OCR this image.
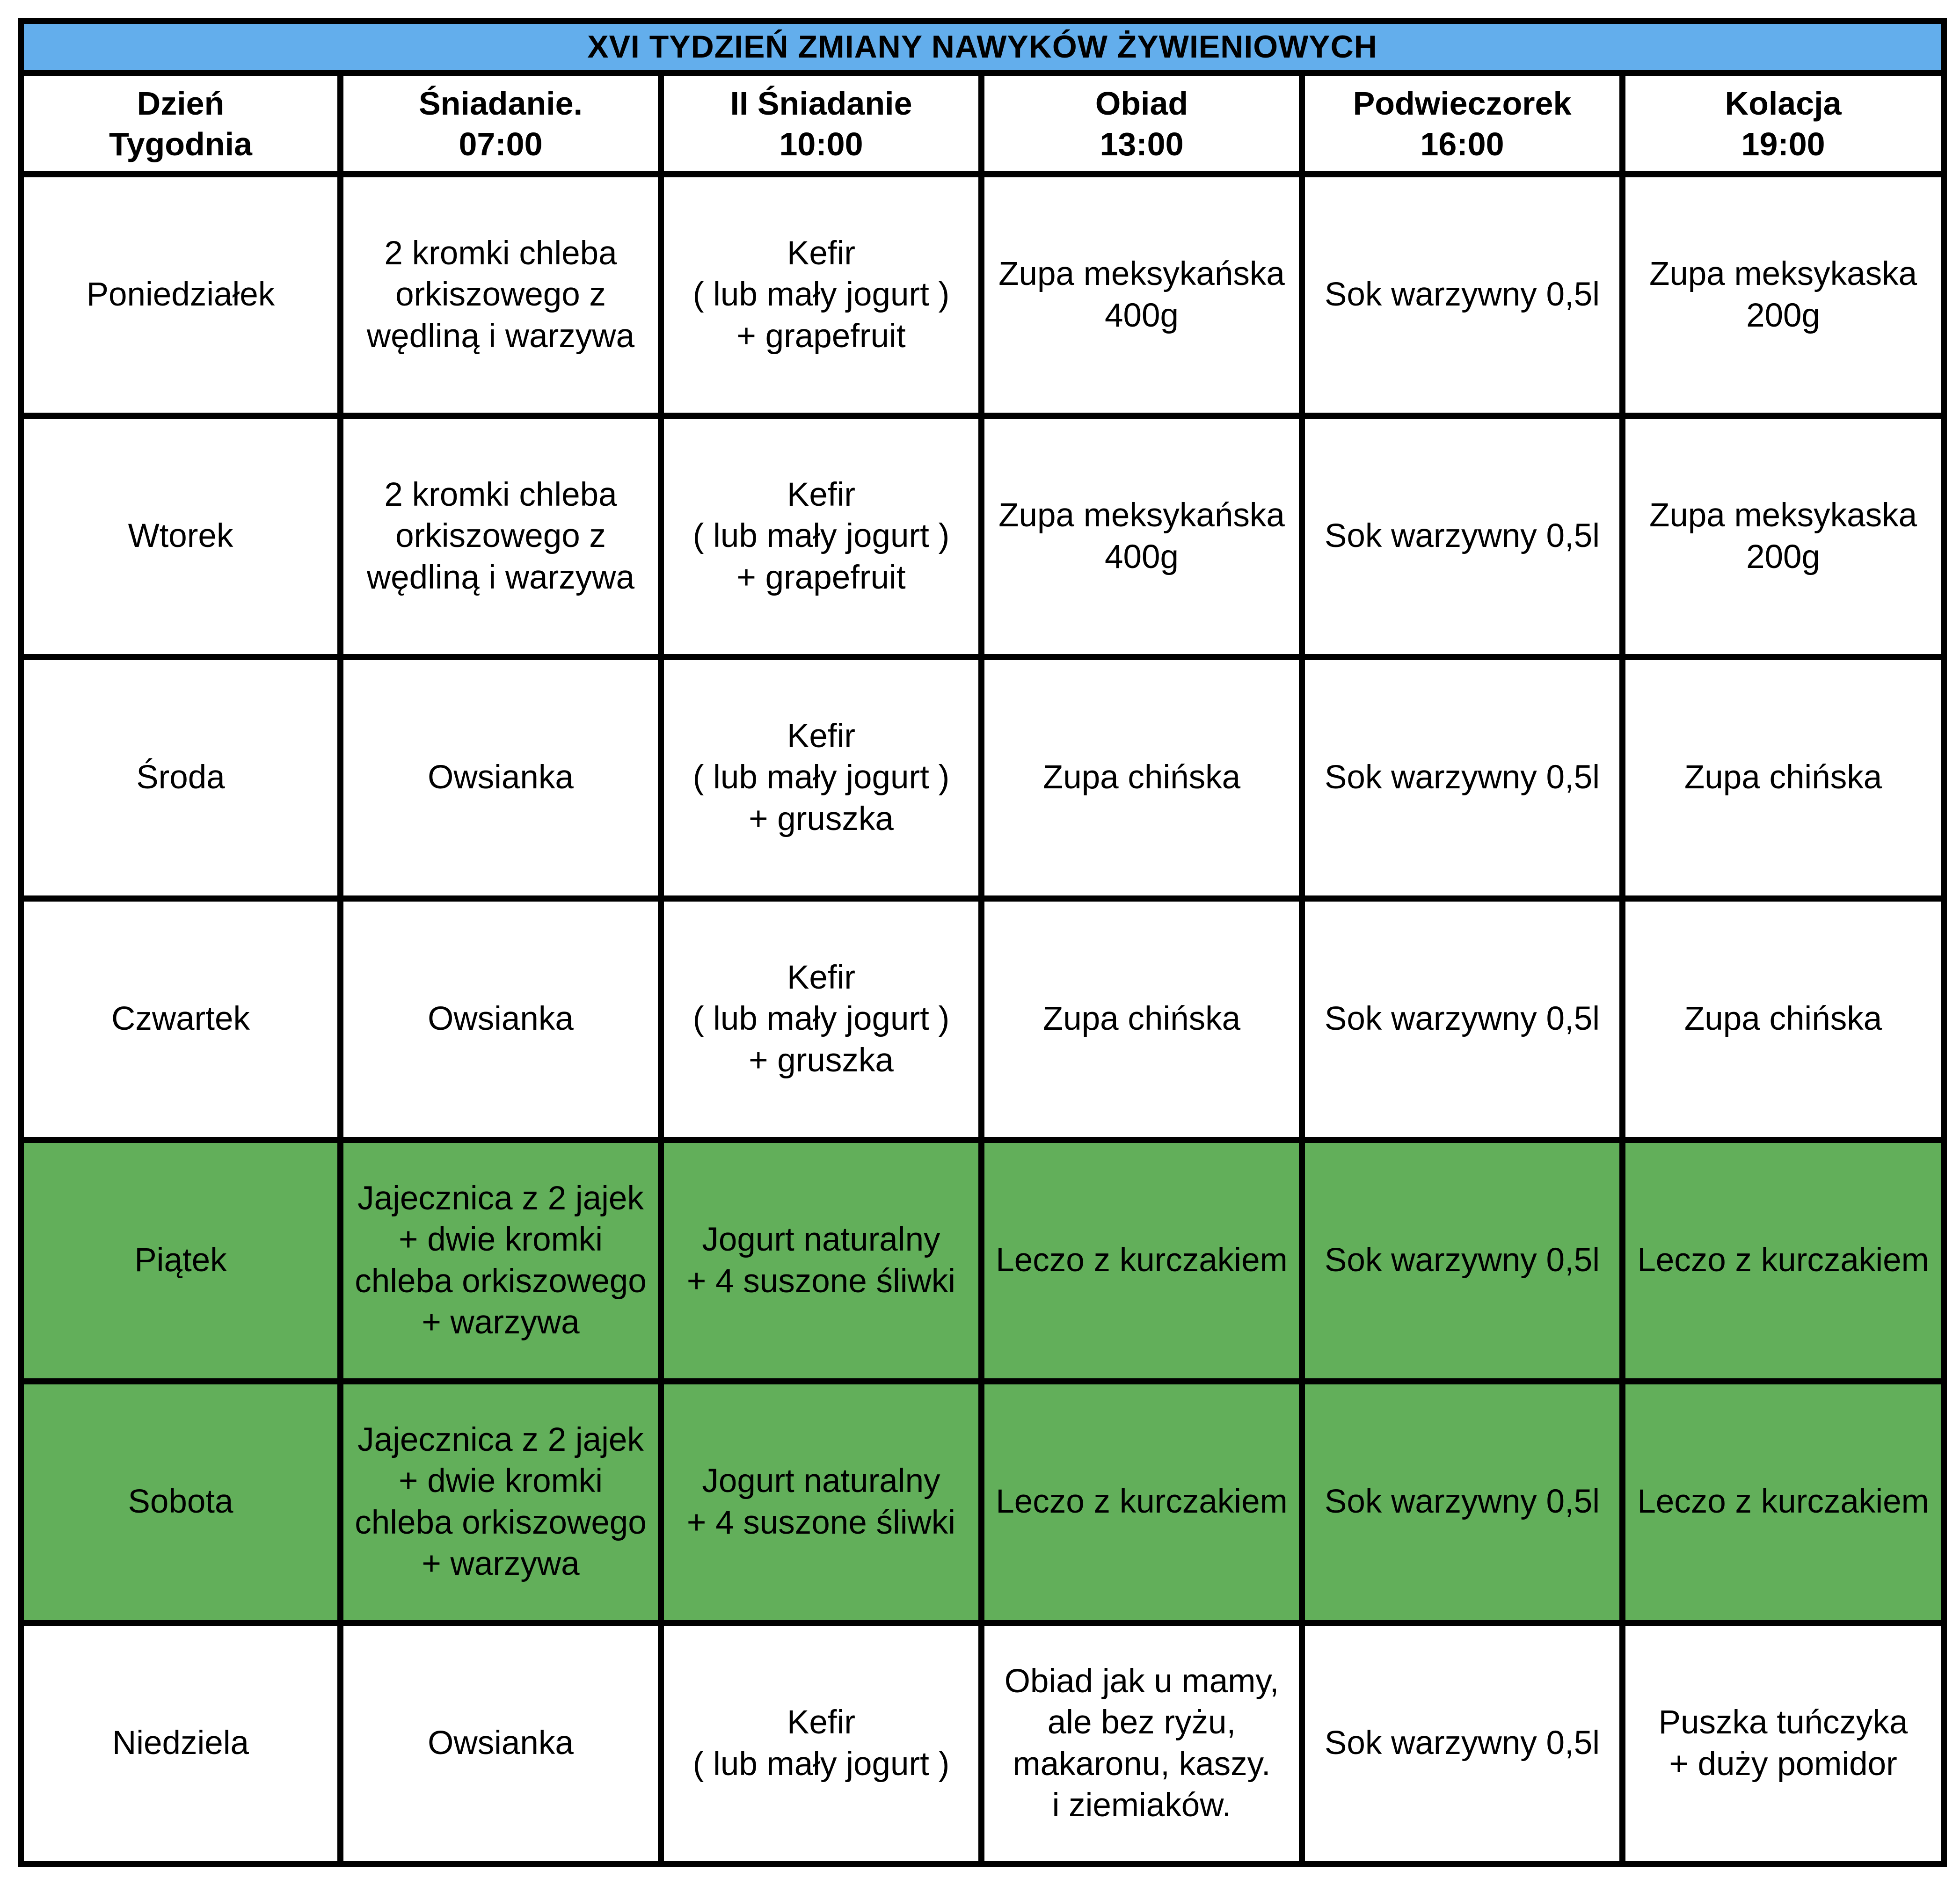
XVI TYDZIEŃ ZMIANY NAWYKÓW ŻYWIENIOWYCH					
Dzień
Tygodnia	Śniadanie.
07:00	II Śniadanie
10:00	Obiad
13:00	Podwieczorek
16:00	Kolacja
19:00
Poniedziałek	2 kromki chleba
orkiszowego z
wędliną i warzywa	Kefir
( lub mały jogurt )
+ grapefruit	Zupa meksykańska
400g	Sok warzywny 0,5l	Zupa meksykaska
200g
Wtorek	2 kromki chleba
orkiszowego z
wędliną i warzywa	Kefir
( lub mały jogurt )
+ grapefruit	Zupa meksykańska
400g	Sok warzywny 0,5l	Zupa meksykaska
200g
Środa	Owsianka	Kefir
( lub mały jogurt )
+ gruszka	Zupa chińska	Sok warzywny 0,5l	Zupa chińska
Czwartek	Owsianka	Kefir
( lub mały jogurt )
+ gruszka	Zupa chińska	Sok warzywny 0,5l	Zupa chińska
Piątek	Jajecznica z 2 jajek
+ dwie kromki
chleba orkiszowego
+ warzywa	Jogurt naturalny
+ 4 suszone śliwki	Leczo z kurczakiem	Sok warzywny 0,5l	Leczo z kurczakiem
Sobota	Jajecznica z 2 jajek
+ dwie kromki
chleba orkiszowego
+ warzywa	Jogurt naturalny
+ 4 suszone śliwki	Leczo z kurczakiem	Sok warzywny 0,5l	Leczo z kurczakiem
Niedziela	Owsianka	Kefir
( lub mały jogurt )	Obiad jak u mamy,
ale bez ryżu,
makaronu, kaszy.
i ziemiaków.	Sok warzywny 0,5l	Puszka tuńczyka
+ duży pomidor
